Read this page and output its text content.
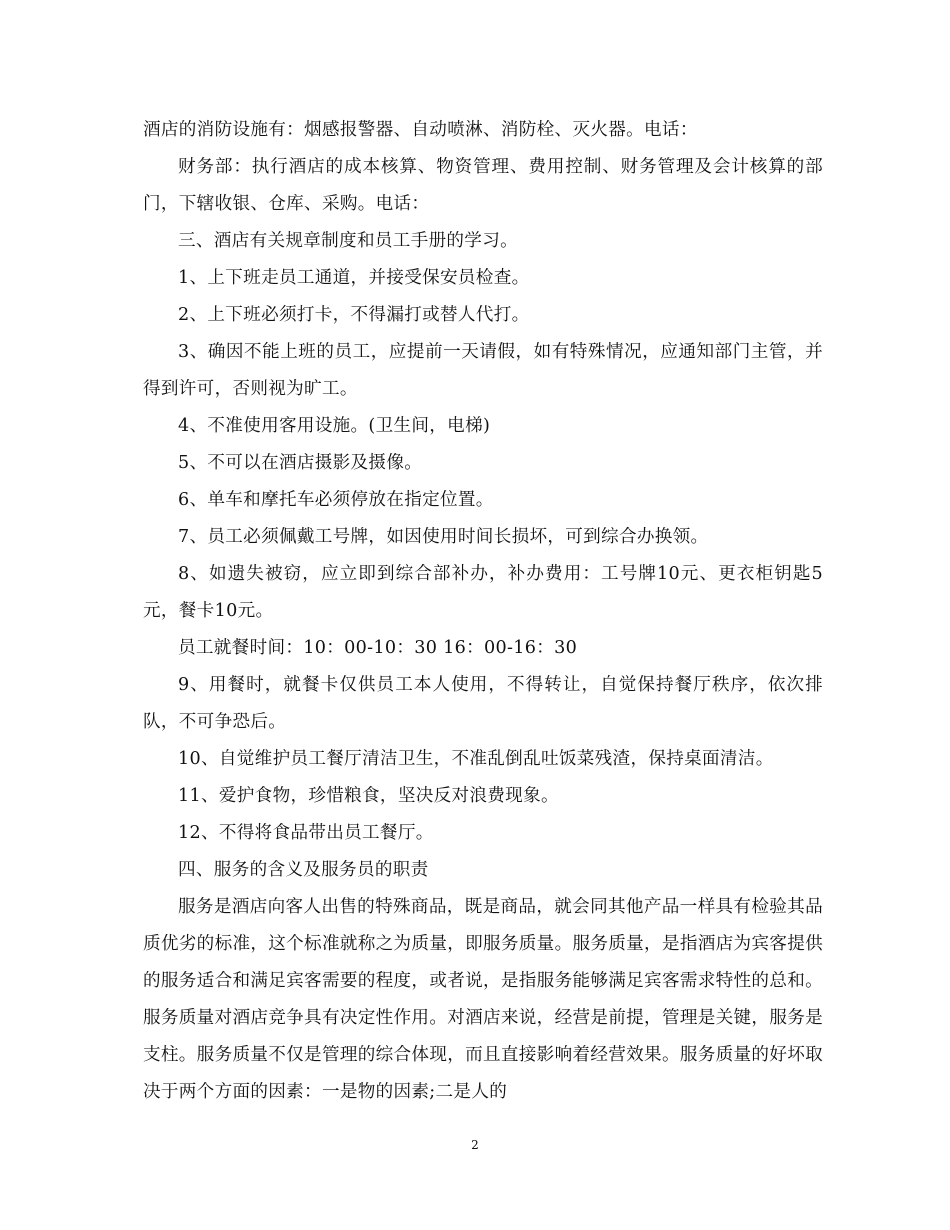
酒店的消防设施有：烟感报警器、自动喷淋、消防栓、灭火器。电话：

财务部：执行酒店的成本核算、物资管理、费用控制、财务管理及会计核算的部门，下辖收银、仓库、采购。电话：

三、酒店有关规章制度和员工手册的学习。

1、上下班走员工通道，并接受保安员检查。

2、上下班必须打卡，不得漏打或替人代打。

3、确因不能上班的员工，应提前一天请假，如有特殊情况，应通知部门主管，并得到许可，否则视为旷工。

4、不准使用客用设施。(卫生间，电梯)

5、不可以在酒店摄影及摄像。

6、单车和摩托车必须停放在指定位置。

7、员工必须佩戴工号牌，如因使用时间长损坏，可到综合办换领。

8、如遗失被窃，应立即到综合部补办，补办费用：工号牌10元、更衣柜钥匙5元，餐卡10元。

员工就餐时间：10：00-10：30 16：00-16：30

9、用餐时，就餐卡仅供员工本人使用，不得转让，自觉保持餐厅秩序，依次排队，不可争恐后。

10、自觉维护员工餐厅清洁卫生，不准乱倒乱吐饭菜残渣，保持桌面清洁。

11、爱护食物，珍惜粮食，坚决反对浪费现象。

12、不得将食品带出员工餐厅。

四、服务的含义及服务员的职责

服务是酒店向客人出售的特殊商品，既是商品，就会同其他产品一样具有检验其品质优劣的标准，这个标准就称之为质量，即服务质量。服务质量，是指酒店为宾客提供的服务适合和满足宾客需要的程度，或者说，是指服务能够满足宾客需求特性的总和。服务质量对酒店竞争具有决定性作用。对酒店来说，经营是前提，管理是关键，服务是支柱。服务质量不仅是管理的综合体现，而且直接影响着经营效果。服务质量的好坏取决于两个方面的因素：一是物的因素;二是人的

2
